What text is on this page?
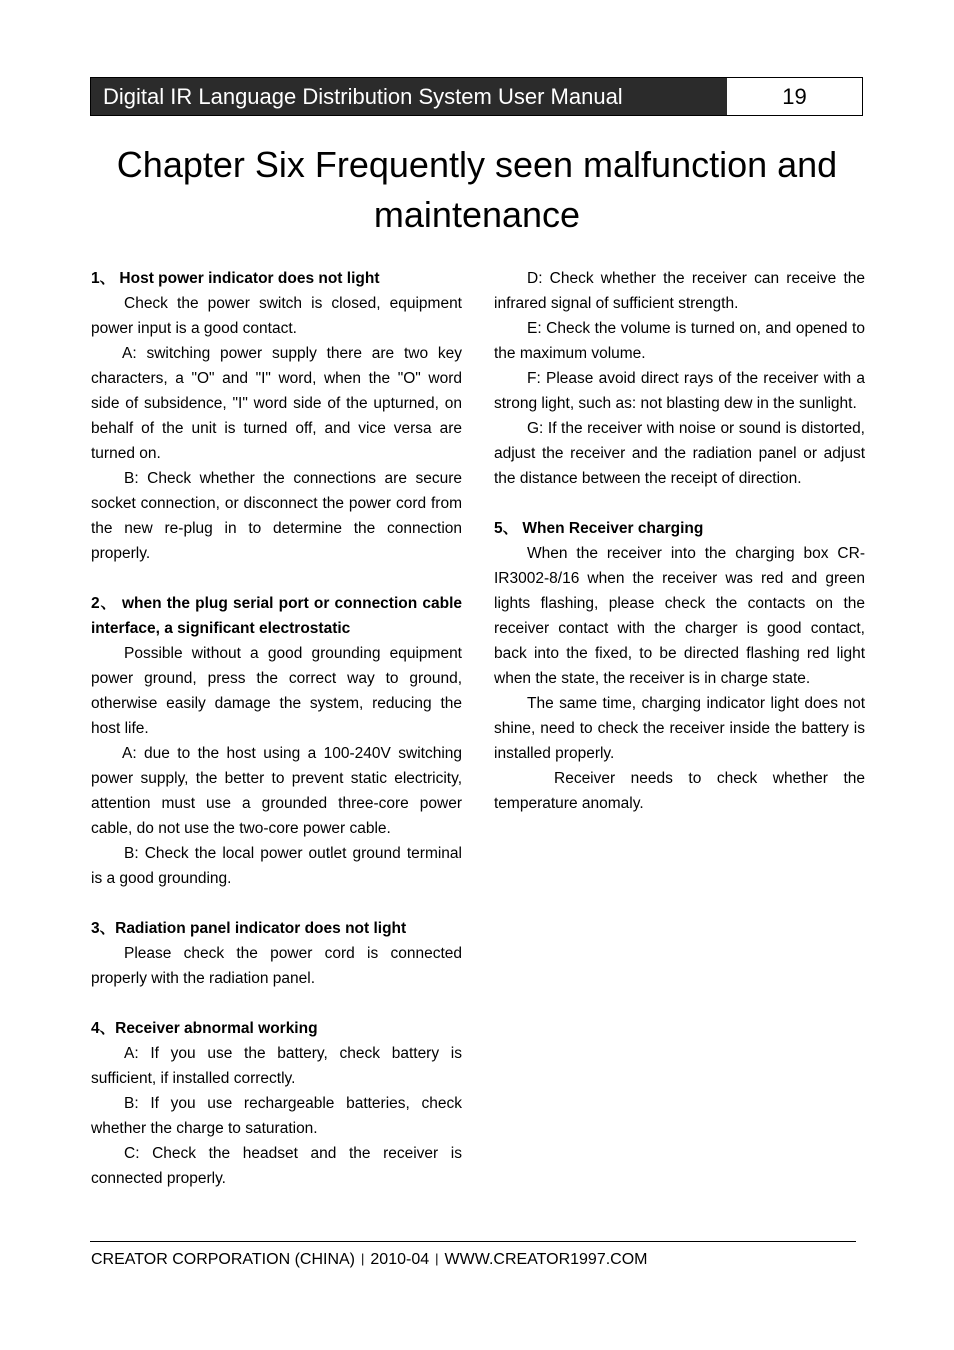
Digital IR Language Distribution System User Manual	19
Chapter Six Frequently seen malfunction and maintenance
1、 Host power indicator does not light

Check the power switch is closed, equipment power input is a good contact.

A: switching power supply there are two key characters, a "O" and "I" word, when the "O" word side of subsidence, "I" word side of the upturned, on behalf of the unit is turned off, and vice versa are turned on.

B: Check whether the connections are secure socket connection, or disconnect the power cord from the new re-plug in to determine the connection properly.

2、 when the plug serial port or connection cable interface, a significant electrostatic

Possible without a good grounding equipment power ground, press the correct way to ground, otherwise easily damage the system, reducing the host life.

A: due to the host using a 100-240V switching power supply, the better to prevent static electricity, attention must use a grounded three-core power cable, do not use the two-core power cable.

B: Check the local power outlet ground terminal is a good grounding.

3、Radiation panel indicator does not light

Please check the power cord is connected properly with the radiation panel.

4、Receiver abnormal working

A: If you use the battery, check battery is sufficient, if installed correctly.

B: If you use rechargeable batteries, check whether the charge to saturation.

C: Check the headset and the receiver is connected properly.

D: Check whether the receiver can receive the infrared signal of sufficient strength.

E: Check the volume is turned on, and opened to the maximum volume.

F: Please avoid direct rays of the receiver with a strong light, such as: not blasting dew in the sunlight.

G: If the receiver with noise or sound is distorted, adjust the receiver and the radiation panel or adjust the distance between the receipt of direction.

5、 When Receiver charging

When the receiver into the charging box CR-IR3002-8/16 when the receiver was red and green lights flashing, please check the contacts on the receiver contact with the charger is good contact, back into the fixed, to be directed flashing red light when the state, the receiver is in charge state.

The same time, charging indicator light does not shine, need to check the receiver inside the battery is installed properly.

Receiver needs to check whether the temperature anomaly.

CREATOR CORPORATION (CHINA) | 2010-04 | WWW.CREATOR1997.COM
